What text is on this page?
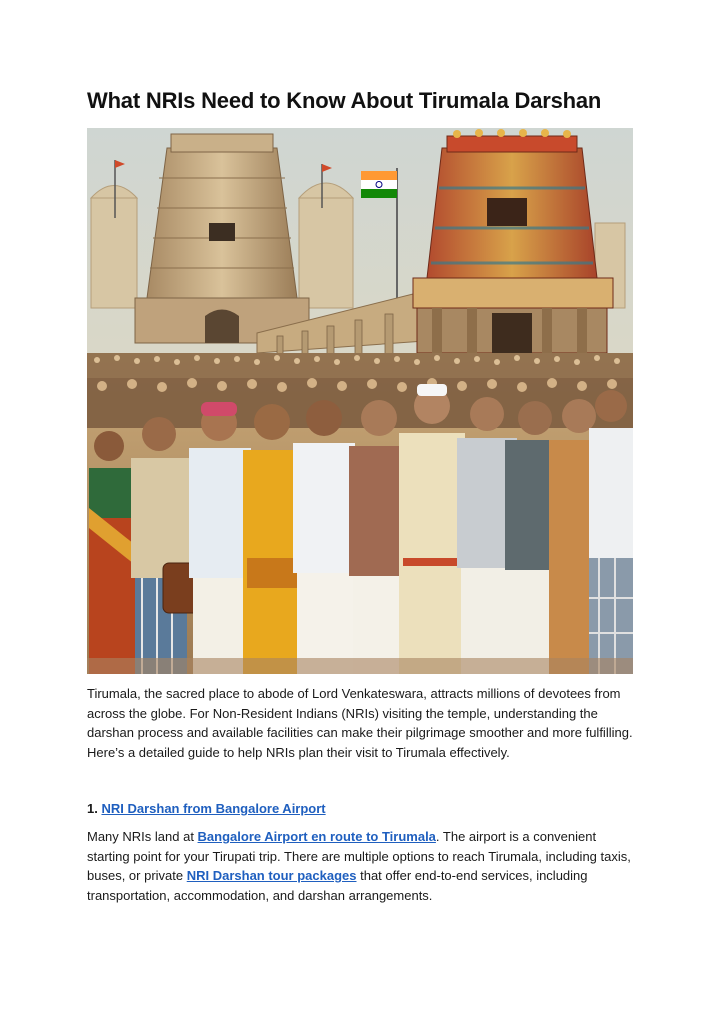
What NRIs Need to Know About Tirumala Darshan

Tirumala, the sacred place to abode of Lord Venkateswara, attracts millions of devotees from across the globe. For Non-Resident Indians (NRIs) visiting the temple, understanding the darshan process and available facilities can make their pilgrimage smoother and more fulfilling. Here’s a detailed guide to help NRIs plan their visit to Tirumala effectively.

1. NRI Darshan from Bangalore Airport

Many NRIs land at Bangalore Airport en route to Tirumala. The airport is a convenient starting point for your Tirupati trip. There are multiple options to reach Tirumala, including taxis, buses, or private NRI Darshan tour packages that offer end-to-end services, including transportation, accommodation, and darshan arrangements.
